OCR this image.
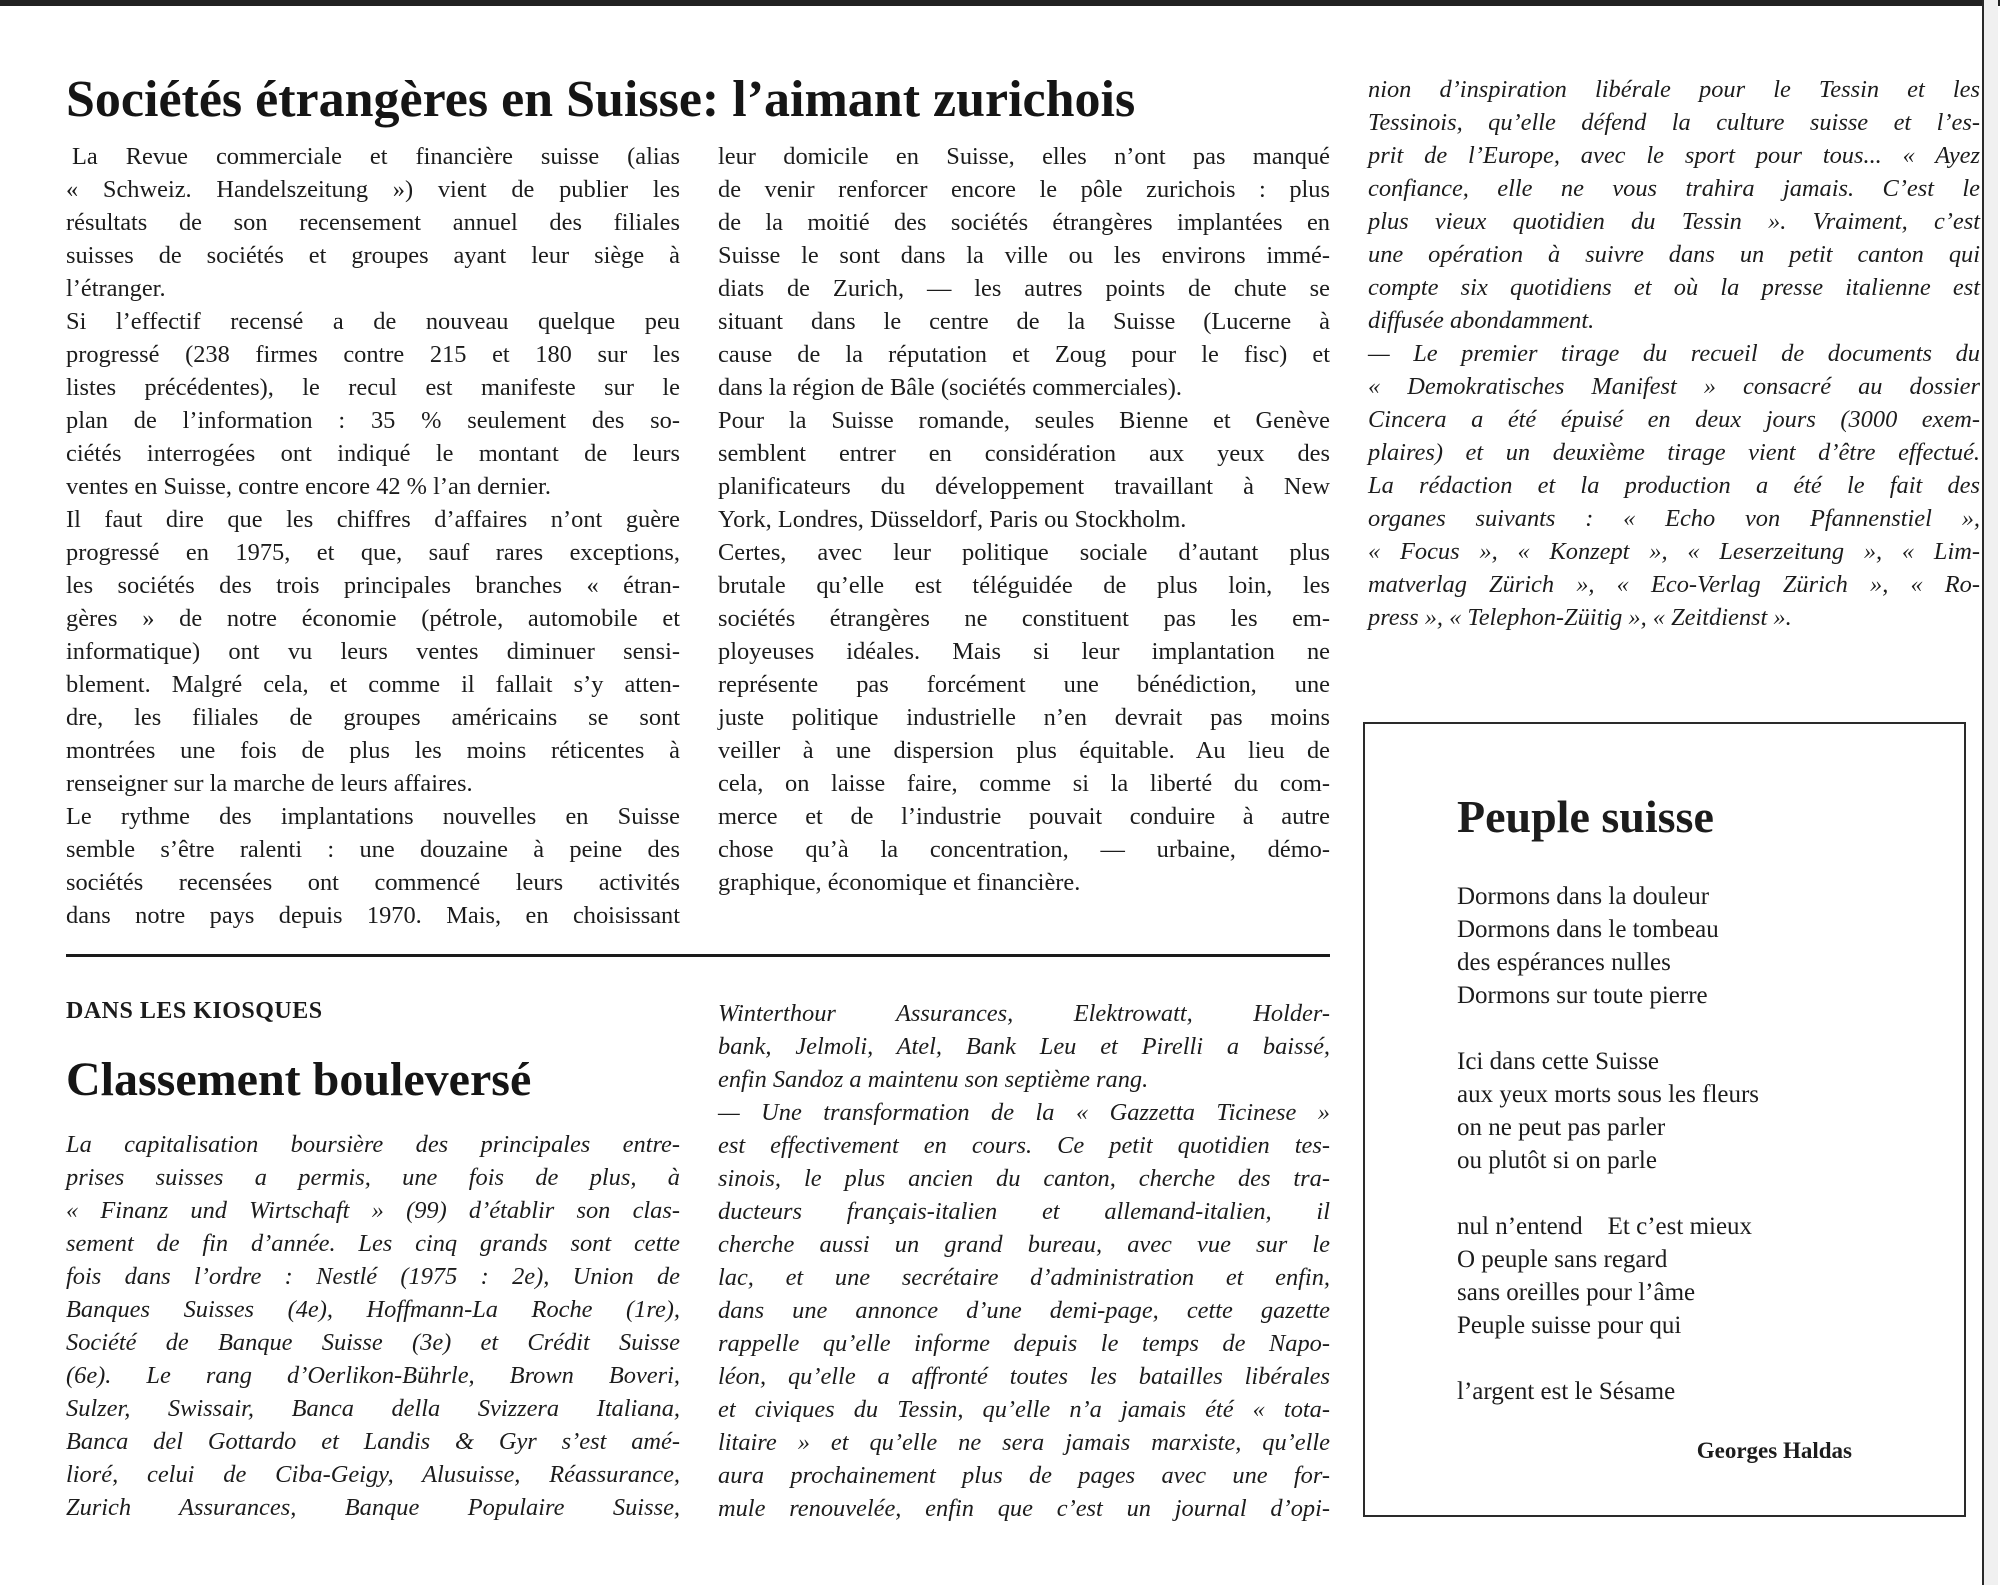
Sociétés étrangères en Suisse: l’aimant zurichois
La Revue commerciale et financière suisse (alias
« Schweiz. Handelszeitung ») vient de publier les
résultats de son recensement annuel des filiales
suisses de sociétés et groupes ayant leur siège à
l’étranger.
Si l’effectif recensé a de nouveau quelque peu
progressé (238 firmes contre 215 et 180 sur les
listes précédentes), le recul est manifeste sur le
plan de l’information : 35 % seulement des so-
ciétés interrogées ont indiqué le montant de leurs
ventes en Suisse, contre encore 42 % l’an dernier.
Il faut dire que les chiffres d’affaires n’ont guère
progressé en 1975, et que, sauf rares exceptions,
les sociétés des trois principales branches « étran-
gères » de notre économie (pétrole, automobile et
informatique) ont vu leurs ventes diminuer sensi-
blement. Malgré cela, et comme il fallait s’y atten-
dre, les filiales de groupes américains se sont
montrées une fois de plus les moins réticentes à
renseigner sur la marche de leurs affaires.
Le rythme des implantations nouvelles en Suisse
semble s’être ralenti : une douzaine à peine des
sociétés recensées ont commencé leurs activités
dans notre pays depuis 1970. Mais, en choisissant
leur domicile en Suisse, elles n’ont pas manqué
de venir renforcer encore le pôle zurichois : plus
de la moitié des sociétés étrangères implantées en
Suisse le sont dans la ville ou les environs immé-
diats de Zurich, — les autres points de chute se
situant dans le centre de la Suisse (Lucerne à
cause de la réputation et Zoug pour le fisc) et
dans la région de Bâle (sociétés commerciales).
Pour la Suisse romande, seules Bienne et Genève
semblent entrer en considération aux yeux des
planificateurs du développement travaillant à New
York, Londres, Düsseldorf, Paris ou Stockholm.
Certes, avec leur politique sociale d’autant plus
brutale qu’elle est téléguidée de plus loin, les
sociétés étrangères ne constituent pas les em-
ployeuses idéales. Mais si leur implantation ne
représente pas forcément une bénédiction, une
juste politique industrielle n’en devrait pas moins
veiller à une dispersion plus équitable. Au lieu de
cela, on laisse faire, comme si la liberté du com-
merce et de l’industrie pouvait conduire à autre
chose qu’à la concentration, — urbaine, démo-
graphique, économique et financière.
nion d’inspiration libérale pour le Tessin et les
Tessinois, qu’elle défend la culture suisse et l’es-
prit de l’Europe, avec le sport pour tous... « Ayez
confiance, elle ne vous trahira jamais. C’est le
plus vieux quotidien du Tessin ». Vraiment, c’est
une opération à suivre dans un petit canton qui
compte six quotidiens et où la presse italienne est
diffusée abondamment.
— Le premier tirage du recueil de documents du
« Demokratisches Manifest » consacré au dossier
Cincera a été épuisé en deux jours (3000 exem-
plaires) et un deuxième tirage vient d’être effectué.
La rédaction et la production a été le fait des
organes suivants : « Echo von Pfannenstiel »,
« Focus », « Konzept », « Leserzeitung », « Lim-
matverlag Zürich », « Eco-Verlag Zürich », « Ro-
press », « Telephon-Züitig », « Zeitdienst ».
DANS LES KIOSQUES
Classement bouleversé
La capitalisation boursière des principales entre-
prises suisses a permis, une fois de plus, à
« Finanz und Wirtschaft » (99) d’établir son clas-
sement de fin d’année. Les cinq grands sont cette
fois dans l’ordre : Nestlé (1975 : 2e), Union de
Banques Suisses (4e), Hoffmann-La Roche (1re),
Société de Banque Suisse (3e) et Crédit Suisse
(6e). Le rang d’Oerlikon-Bührle, Brown Boveri,
Sulzer, Swissair, Banca della Svizzera Italiana,
Banca del Gottardo et Landis & Gyr s’est amé-
lioré, celui de Ciba-Geigy, Alusuisse, Réassurance,
Zurich Assurances, Banque Populaire Suisse,
Winterthour Assurances, Elektrowatt, Holder-
bank, Jelmoli, Atel, Bank Leu et Pirelli a baissé,
enfin Sandoz a maintenu son septième rang.
— Une transformation de la « Gazzetta Ticinese »
est effectivement en cours. Ce petit quotidien tes-
sinois, le plus ancien du canton, cherche des tra-
ducteurs français-italien et allemand-italien, il
cherche aussi un grand bureau, avec vue sur le
lac, et une secrétaire d’administration et enfin,
dans une annonce d’une demi-page, cette gazette
rappelle qu’elle informe depuis le temps de Napo-
léon, qu’elle a affronté toutes les batailles libérales
et civiques du Tessin, qu’elle n’a jamais été « tota-
litaire » et qu’elle ne sera jamais marxiste, qu’elle
aura prochainement plus de pages avec une for-
mule renouvelée, enfin que c’est un journal d’opi-
Peuple suisse
Dormons dans la douleur
Dormons dans le tombeau
des espérances nulles
Dormons sur toute pierre
Ici dans cette Suisse
aux yeux morts sous les fleurs
on ne peut pas parler
ou plutôt si on parle
nul n’entend    Et c’est mieux
O peuple sans regard
sans oreilles pour l’âme
Peuple suisse pour qui
l’argent est le Sésame
Georges Haldas
